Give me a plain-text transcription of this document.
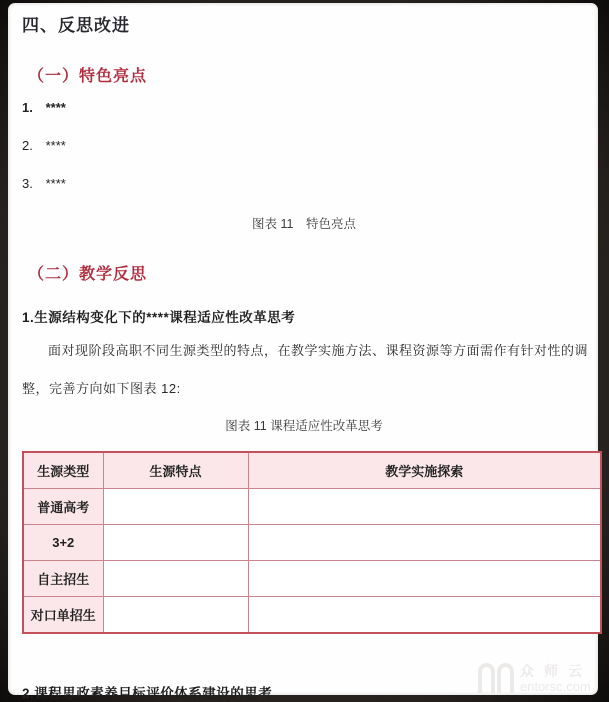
四、反思改进
（一）特色亮点
1. ****
2. ****
3. ****
图表 11　特色亮点
（二）教学反思
1.生源结构变化下的****课程适应性改革思考

面对现阶段高职不同生源类型的特点，在教学实施方法、课程资源等方面需作有针对性的调整，完善方向如下图表 12:

图表 11 课程适应性改革思考
生源类型	生源特点	教学实施探索
普通高考		
3+2		
自主招生		
对口单招生		
2.课程思政素养目标评价体系建设的思考
众师云
entorsc.com
